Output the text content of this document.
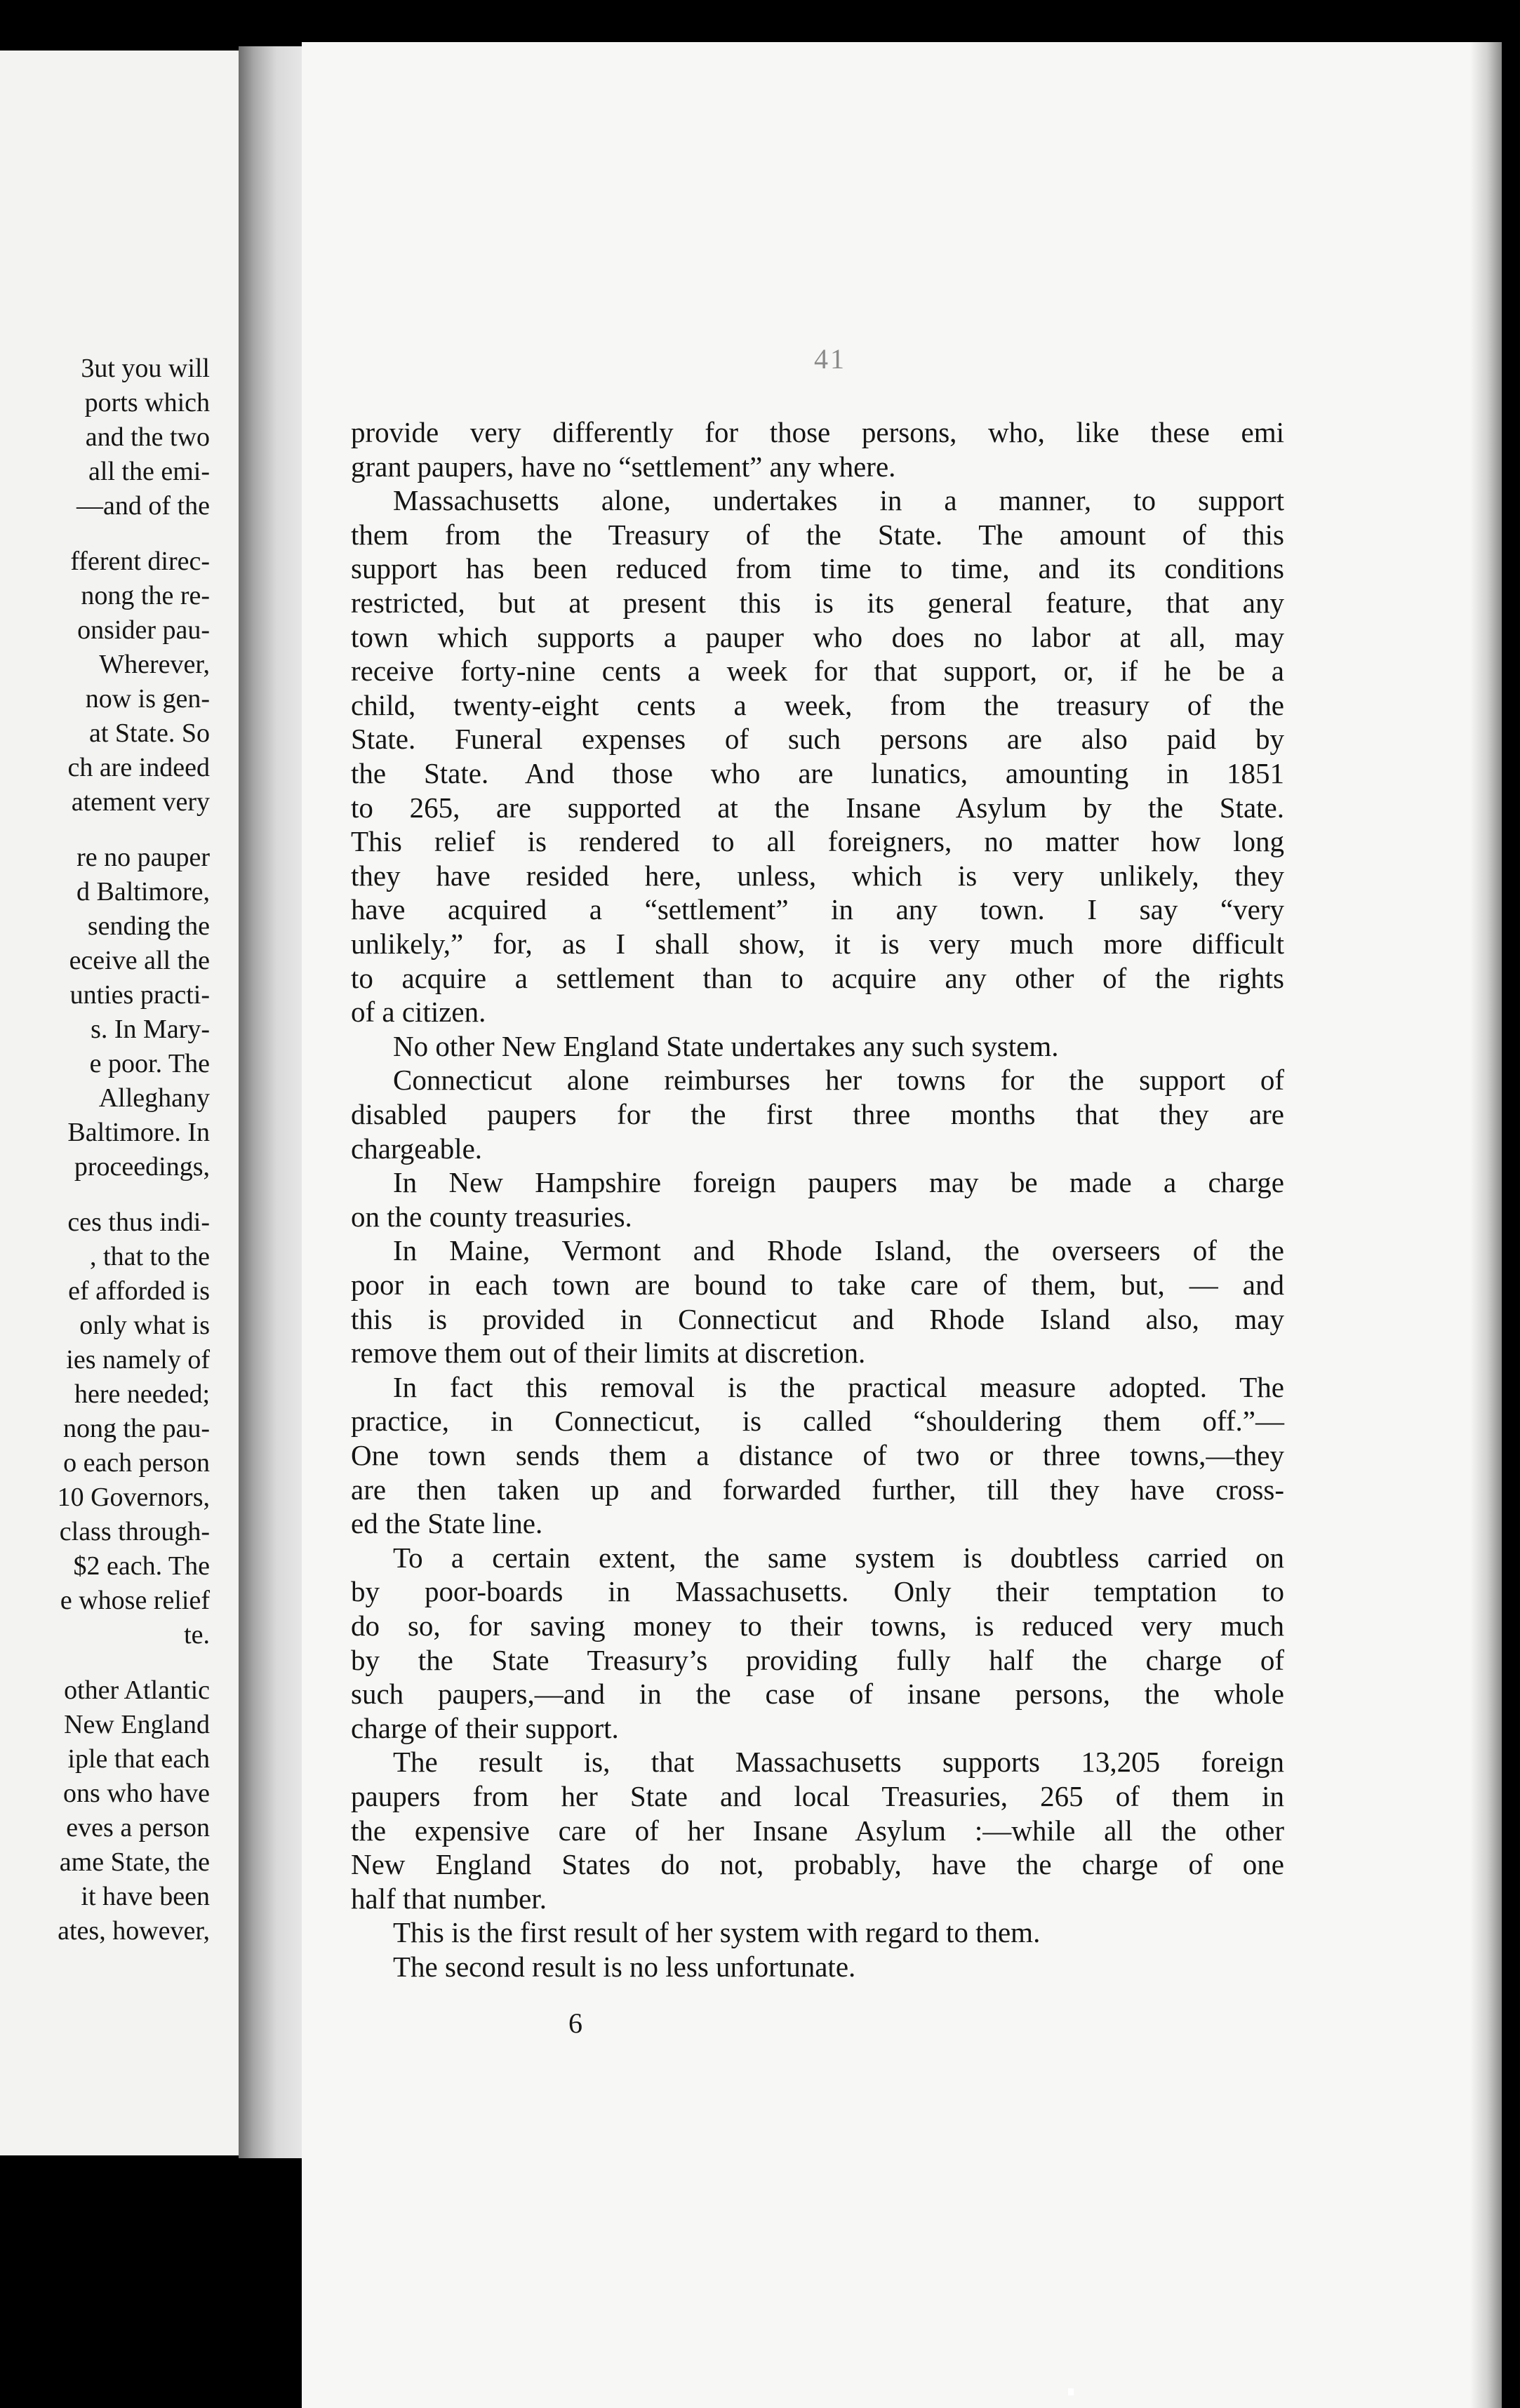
3ut you will
ports which
and the two
all the emi-
—and of the
fferent direc-
nong the re-
onsider pau-
Wherever,
now is gen-
at State. So
ch are indeed
atement very
re no pauper
d Baltimore,
sending the
eceive all the
unties practi-
s. In Mary-
e poor. The
Alleghany
Baltimore. In
proceedings,
ces thus indi-
, that to the
ef afforded is
only what is
ies namely of
here needed;
nong the pau-
o each person
10 Governors,
class through-
$2 each. The
e whose relief
te.
other Atlantic
New England
iple that each
ons who have
eves a person
ame State, the
it have been
ates, however,
41
provide very differently for those persons, who, like these emi
grant paupers, have no “settlement” any where.
Massachusetts alone, undertakes in a manner, to support
them from the Treasury of the State. The amount of this
support has been reduced from time to time, and its conditions
restricted, but at present this is its general feature, that any
town which supports a pauper who does no labor at all, may
receive forty-nine cents a week for that support, or, if he be a
child, twenty-eight cents a week, from the treasury of the
State. Funeral expenses of such persons are also paid by
the State. And those who are lunatics, amounting in 1851
to 265, are supported at the Insane Asylum by the State.
This relief is rendered to all foreigners, no matter how long
they have resided here, unless, which is very unlikely, they
have acquired a “settlement” in any town. I say “very
unlikely,” for, as I shall show, it is very much more difficult
to acquire a settlement than to acquire any other of the rights
of a citizen.
No other New England State undertakes any such system.
Connecticut alone reimburses her towns for the support of
disabled paupers for the first three months that they are
chargeable.
In New Hampshire foreign paupers may be made a charge
on the county treasuries.
In Maine, Vermont and Rhode Island, the overseers of the
poor in each town are bound to take care of them, but, — and
this is provided in Connecticut and Rhode Island also, may
remove them out of their limits at discretion.
In fact this removal is the practical measure adopted. The
practice, in Connecticut, is called “shouldering them off.”—
One town sends them a distance of two or three towns,—they
are then taken up and forwarded further, till they have cross-
ed the State line.
To a certain extent, the same system is doubtless carried on
by poor-boards in Massachusetts. Only their temptation to
do so, for saving money to their towns, is reduced very much
by the State Treasury’s providing fully half the charge of
such paupers,—and in the case of insane persons, the whole
charge of their support.
The result is, that Massachusetts supports 13,205 foreign
paupers from her State and local Treasuries, 265 of them in
the expensive care of her Insane Asylum :—while all the other
New England States do not, probably, have the charge of one
half that number.
This is the first result of her system with regard to them.
The second result is no less unfortunate.
6
